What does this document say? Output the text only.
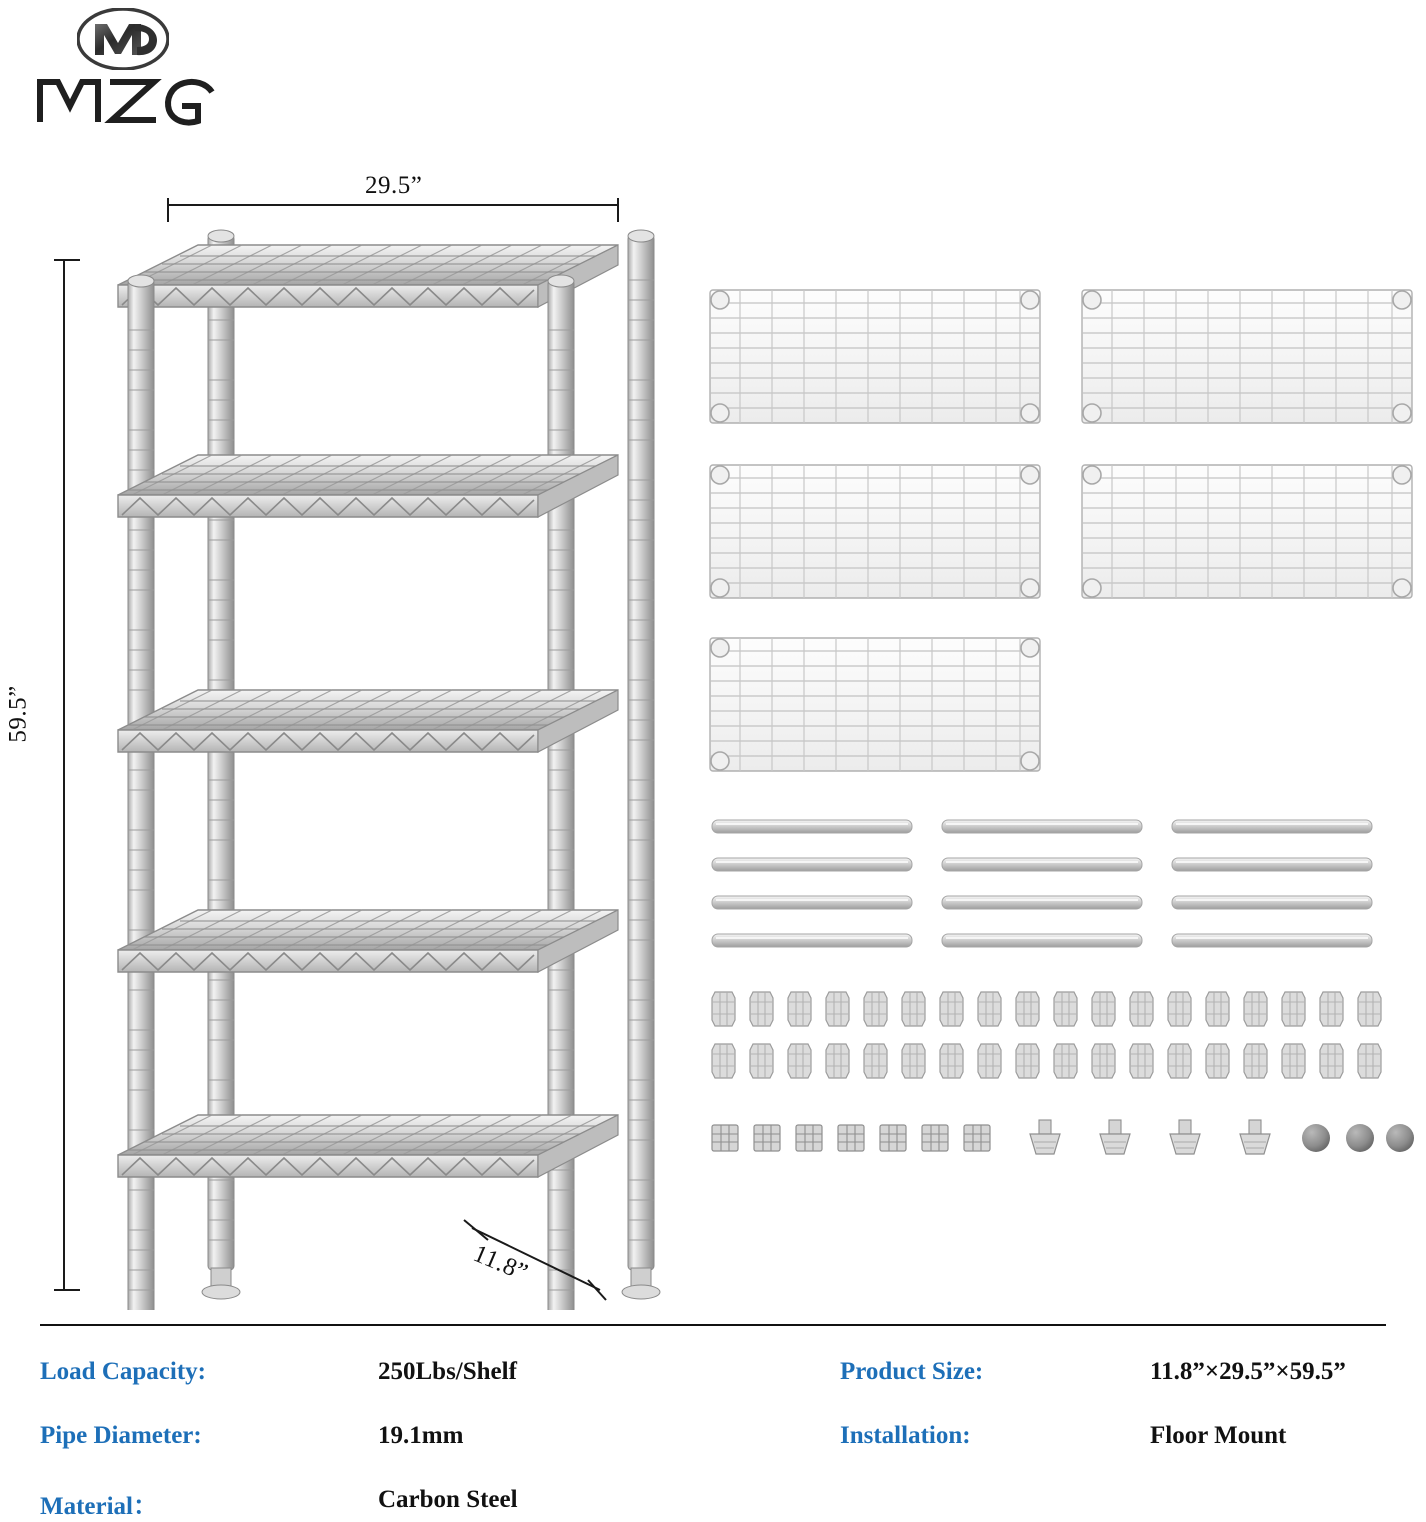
29.5”
59.5”
11.8”
Load Capacity:	250Lbs/Shelf
Pipe Diameter:	19.1mm
Material：	Carbon Steel
Product Size:	11.8”×29.5”×59.5”
Installation:	Floor Mount
